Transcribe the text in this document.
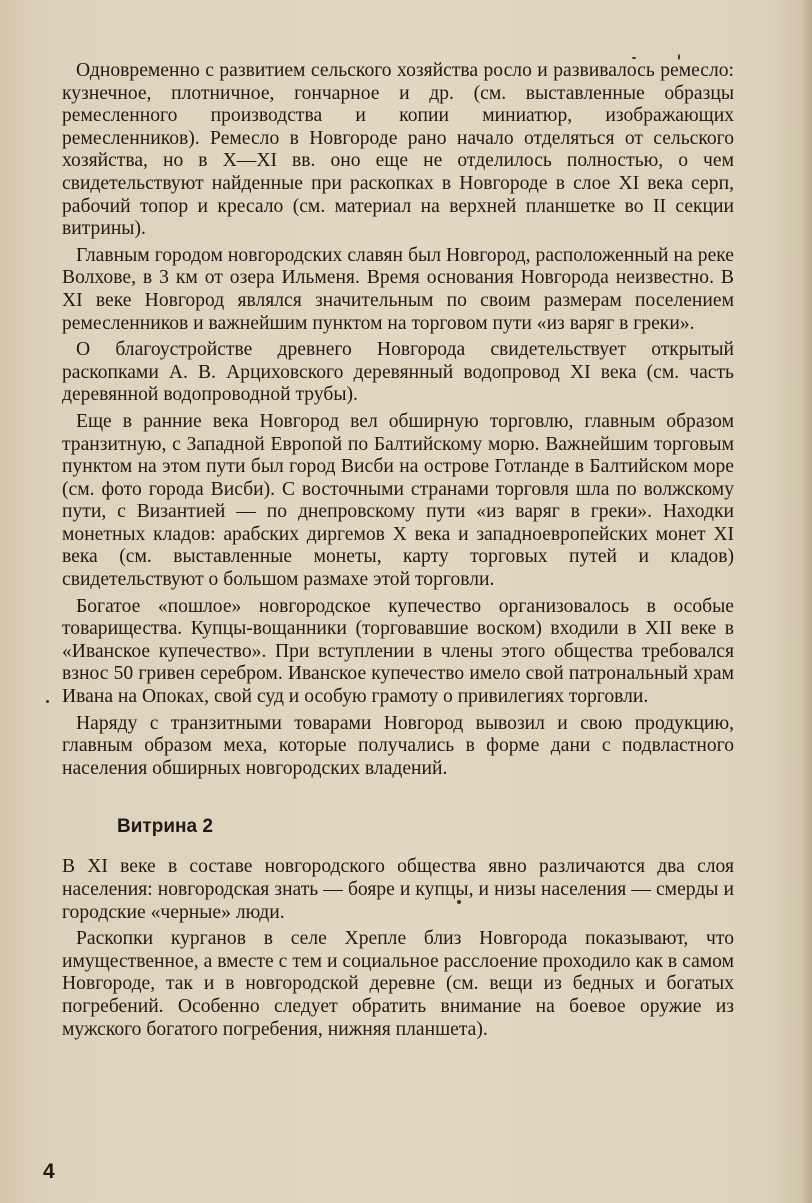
Одновременно с развитием сельского хозяйства росло и развивалось ремесло: кузнечное, плотничное, гончарное и др. (см. выставленные образцы ремесленного производства и копии миниатюр, изображающих ремесленников). Ремесло в Новгороде рано начало отделяться от сельского хозяйства, но в X—XI вв. оно еще не отделилось полностью, о чем свидетельствуют найденные при раскопках в Новгороде в слое XI века серп, рабочий топор и кресало (см. материал на верхней планшетке во II секции витрины).

Главным городом новгородских славян был Новгород, расположенный на реке Волхове, в 3 км от озера Ильменя. Время основания Новгорода неизвестно. В XI веке Новгород являлся значительным по своим размерам поселением ремесленников и важнейшим пунктом на торговом пути «из варяг в греки».

О благоустройстве древнего Новгорода свидетельствует открытый раскопками А. В. Арциховского деревянный водопровод XI века (см. часть деревянной водопроводной трубы).

Еще в ранние века Новгород вел обширную торговлю, главным образом транзитную, с Западной Европой по Балтийскому морю. Важнейшим торговым пунктом на этом пути был город Висби на острове Готланде в Балтийском море (см. фото города Висби). С восточными странами торговля шла по волжскому пути, с Византией — по днепровскому пути «из варяг в греки». Находки монетных кладов: арабских диргемов X века и западноевропейских монет XI века (см. выставленные монеты, карту торговых путей и кладов) свидетельствуют о большом размахе этой торговли.

Богатое «пошлое» новгородское купечество организовалось в особые товарищества. Купцы-вощанники (торговавшие воском) входили в XII веке в «Иванское купечество». При вступлении в члены этого общества требовался взнос 50 гривен серебром. Иванское купечество имело свой патрональный храм Ивана на Опоках, свой суд и особую грамоту о привилегиях торговли.

Наряду с транзитными товарами Новгород вывозил и свою продукцию, главным образом меха, которые получались в форме дани с подвластного населения обширных новгородских владений.

Витрина 2

В XI веке в составе новгородского общества явно различаются два слоя населения: новгородская знать — бояре и купцы, и низы населения — смерды и городские «черные» люди.

Раскопки курганов в селе Хрепле близ Новгорода показывают, что имущественное, а вместе с тем и социальное расслоение проходило как в самом Новгороде, так и в новгородской деревне (см. вещи из бедных и богатых погребений. Особенно следует обратить внимание на боевое оружие из мужского богатого погребения, нижняя планшета).

4
